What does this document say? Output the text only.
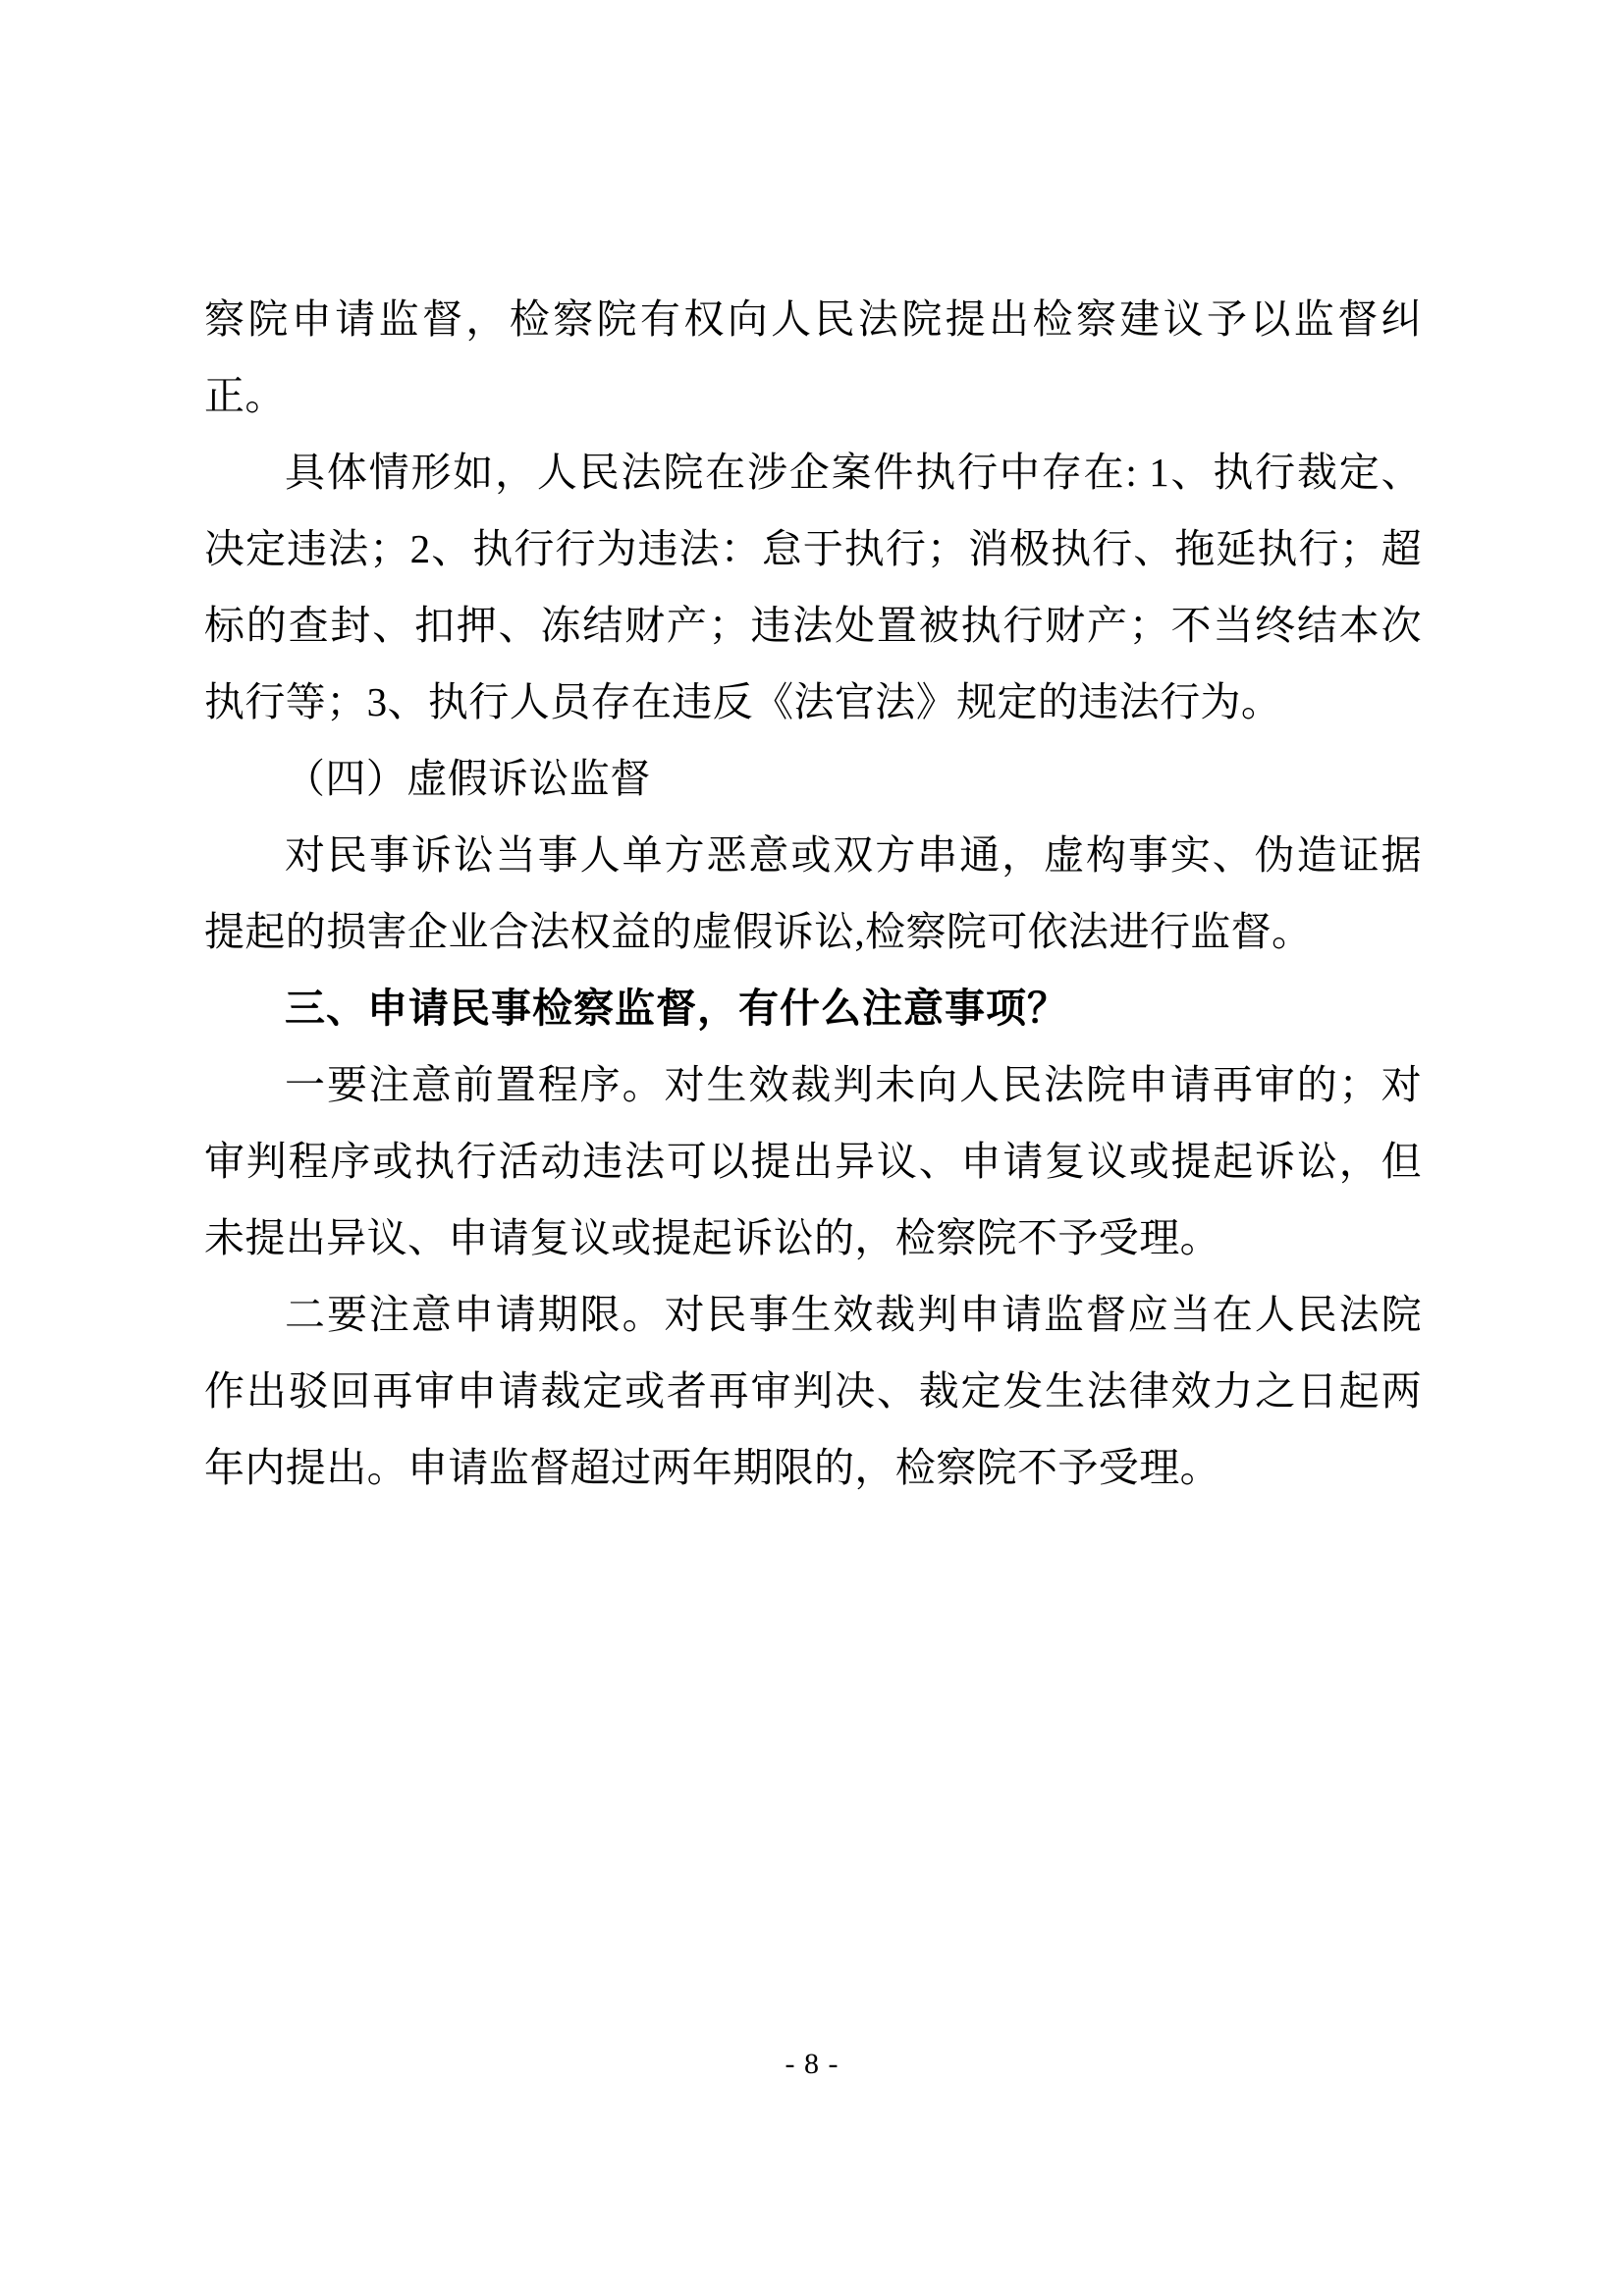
察院申请监督，检察院有权向人民法院提出检察建议予以监督纠正。

具体情形如，人民法院在涉企案件执行中存在: 1、执行裁定、决定违法；2、执行行为违法：怠于执行；消极执行、拖延执行；超标的查封、扣押、冻结财产；违法处置被执行财产；不当终结本次执行等；3、执行人员存在违反《法官法》规定的违法行为。

（四）虚假诉讼监督

对民事诉讼当事人单方恶意或双方串通，虚构事实、伪造证据提起的损害企业合法权益的虚假诉讼,检察院可依法进行监督。

三、申请民事检察监督，有什么注意事项？

一要注意前置程序。对生效裁判未向人民法院申请再审的；对审判程序或执行活动违法可以提出异议、申请复议或提起诉讼，但未提出异议、申请复议或提起诉讼的，检察院不予受理。

二要注意申请期限。对民事生效裁判申请监督应当在人民法院作出驳回再审申请裁定或者再审判决、裁定发生法律效力之日起两年内提出。申请监督超过两年期限的，检察院不予受理。

- 8 -
